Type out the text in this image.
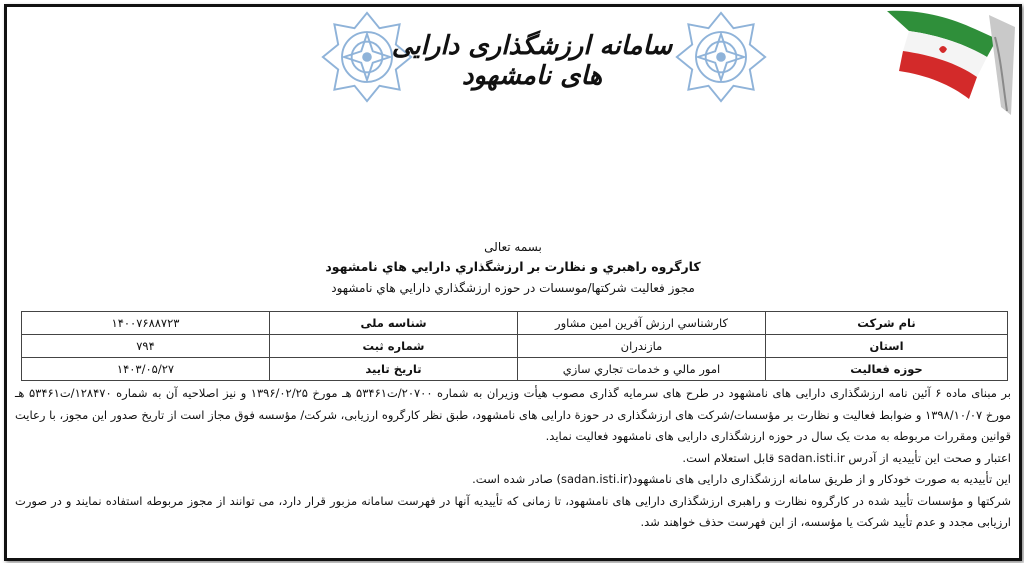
سامانه ارزشگذاری دارایی های نامشهود
بسمه تعالی
كارگروه راهبري و نظارت بر ارزشگذاري دارايي هاي نامشهود
مجوز فعالیت شرکتها/موسسات در حوزه ارزشگذاري دارايي هاي نامشهود
نام شرکت	كارشناسي ارزش آفرين امين مشاور	شناسه ملی	۱۴۰۰۷۶۸۸۷۲۳
استان	مازندران	شماره ثبت	۷۹۴
حوزه فعالیت	امور مالي و خدمات تجاري سازي	تاریخ تایید	۱۴۰۳/۰۵/۲۷

بر مبنای ماده ۶ آئین نامه ارزشگذاری دارایی های نامشهود در طرح های سرمایه گذاری مصوب هیأت وزیران به شماره ۲۰۷۰۰/ت۵۳۴۶۱ هـ مورخ ۱۳۹۶/۰۲/۲۵ و نیز اصلاحیه آن به شماره ۱۲۸۴۷۰/ت۵۳۴۶۱ هـ مورخ ۱۳۹۸/۱۰/۰۷ و ضوابط فعالیت و نظارت بر مؤسسات/شرکت های ارزشگذاری در حوزة دارایی های نامشهود، طبق نظر کارگروه ارزیابی، شرکت/ مؤسسه فوق مجاز است از تاریخ صدور این مجوز، با رعایت قوانین ومقررات مربوطه به مدت یک سال در حوزه ارزشگذاری دارایی های نامشهود فعالیت نماید.

اعتبار و صحت این تأییدیه از آدرس sadan.isti.ir قابل استعلام است.

این تأییدیه به صورت خودکار و از طریق سامانه ارزشگذاری دارایی های نامشهود(sadan.isti.ir) صادر شده است.

شرکتها و مؤسسات تأیید شده در کارگروه نظارت و راهبری ارزشگذاری دارایی های نامشهود، تا زمانی که تأییدیه آنها در فهرست سامانه مزبور قرار دارد، می توانند از مجوز مربوطه استفاده نمایند و در صورت ارزیابی مجدد و عدم تأیید شرکت یا مؤسسه، از این فهرست حذف خواهند شد.
